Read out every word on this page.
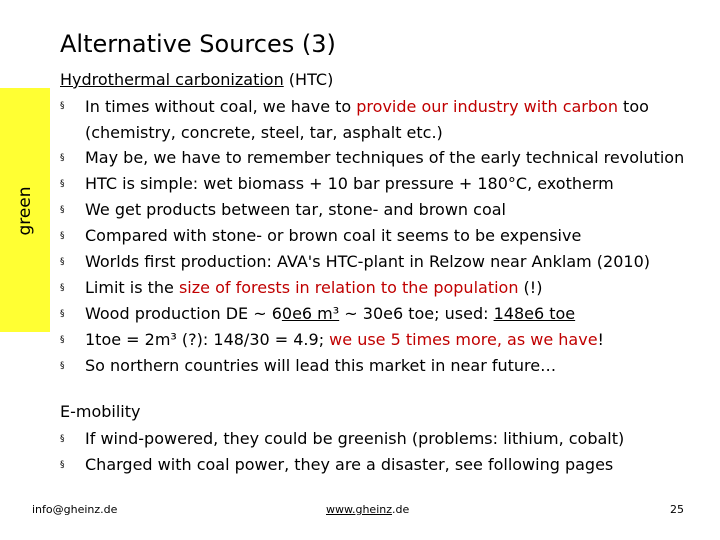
green
Alternative Sources (3)
Hydrothermal carbonization (HTC)
§ In times without coal, we have to provide our industry with carbon too (chemistry, concrete, steel, tar, asphalt etc.)
§ May be, we have to remember techniques of the early technical revolution
§ HTC is simple: wet biomass + 10 bar pressure + 180°C, exotherm
§ We get products between tar, stone- and brown coal
§ Compared with stone- or brown coal it seems to be expensive
§ Worlds first production: AVA's HTC-plant in Relzow near Anklam (2010)
§ Limit is the size of forests in relation to the population (!)
§ Wood production DE ~ 60e6 m³ ~ 30e6 toe; used: 148e6 toe
§ 1toe = 2m³ (?): 148/30 = 4.9; we use 5 times more, as we have!
§ So northern countries will lead this market in near future…
E-mobility
§ If wind-powered, they could be greenish (problems: lithium, cobalt)
§ Charged with coal power, they are a disaster, see following pages
info@gheinz.de	www.gheinz.de	25
